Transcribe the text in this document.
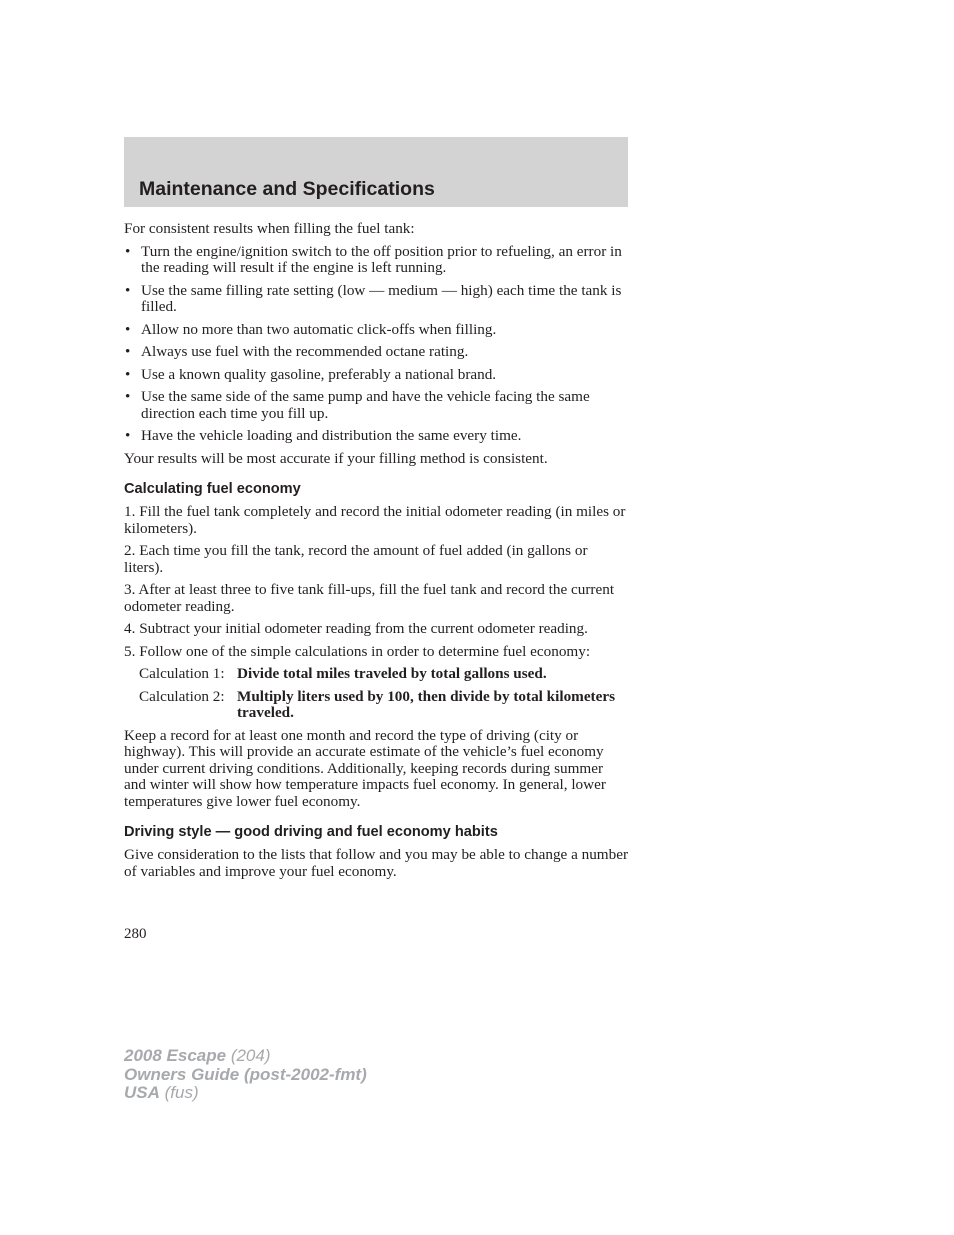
Maintenance and Specifications

For consistent results when filling the fuel tank:

• Turn the engine/ignition switch to the off position prior to refueling, an error in the reading will result if the engine is left running.
• Use the same filling rate setting (low — medium — high) each time the tank is filled.
• Allow no more than two automatic click-offs when filling.
• Always use fuel with the recommended octane rating.
• Use a known quality gasoline, preferably a national brand.
• Use the same side of the same pump and have the vehicle facing the same direction each time you fill up.
• Have the vehicle loading and distribution the same every time.

Your results will be most accurate if your filling method is consistent.

Calculating fuel economy

1. Fill the fuel tank completely and record the initial odometer reading (in miles or kilometers).

2. Each time you fill the tank, record the amount of fuel added (in gallons or liters).

3. After at least three to five tank fill-ups, fill the fuel tank and record the current odometer reading.

4. Subtract your initial odometer reading from the current odometer reading.

5. Follow one of the simple calculations in order to determine fuel economy:

Calculation 1: Divide total miles traveled by total gallons used.
Calculation 2: Multiply liters used by 100, then divide by total kilometers traveled.

Keep a record for at least one month and record the type of driving (city or highway). This will provide an accurate estimate of the vehicle’s fuel economy under current driving conditions. Additionally, keeping records during summer and winter will show how temperature impacts fuel economy. In general, lower temperatures give lower fuel economy.

Driving style — good driving and fuel economy habits

Give consideration to the lists that follow and you may be able to change a number of variables and improve your fuel economy.

280
2008 Escape (204)
Owners Guide (post-2002-fmt)
USA (fus)
